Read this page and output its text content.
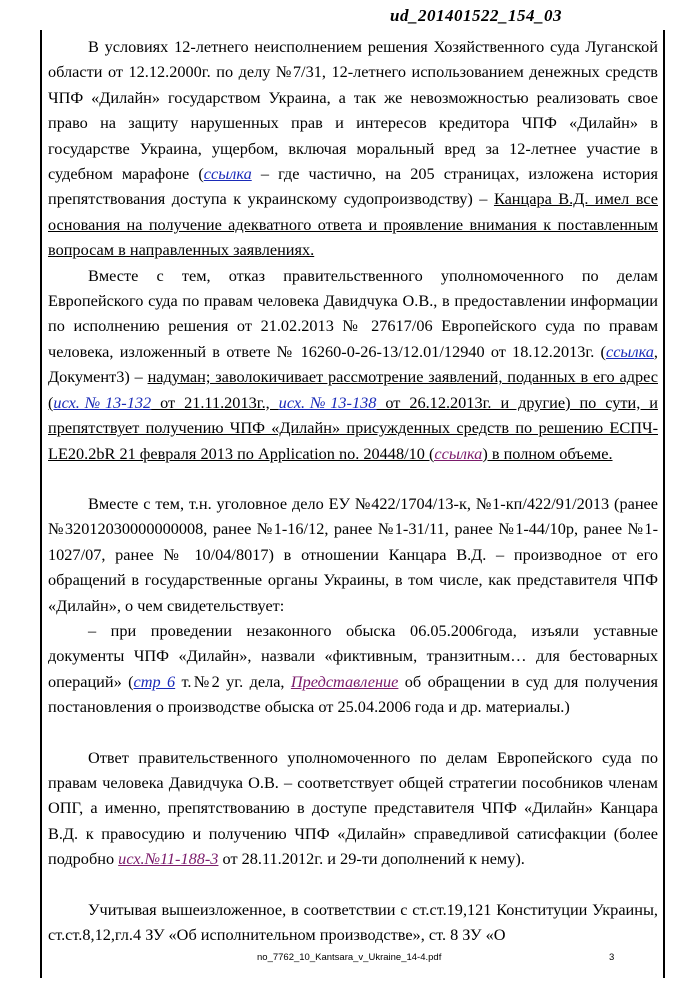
ud_201401522_154_03

В условиях 12-летнего неисполнением решения Хозяйственного суда Луганской области от 12.12.2000г. по делу №7/31, 12-летнего использованием денежных средств ЧПФ «Дилайн» государством Украина, а так же невозможностью реализовать свое право на защиту нарушенных прав и интересов кредитора ЧПФ «Дилайн» в государстве Украина, ущербом, включая моральный вред за 12-летнее участие в судебном марафоне (ссылка – где частично, на 205 страницах, изложена история препятствования доступа к украинскому судопроизводству) – Канцара В.Д. имел все основания на получение адекватного ответа и проявление внимания к поставленным вопросам в направленных заявлениях.

Вместе с тем, отказ правительственного уполномоченного по делам Европейского суда по правам человека Давидчука О.В., в предоставлении информации по исполнению решения от 21.02.2013 № 27617/06 Европейского суда по правам человека, изложенный в ответе № 16260-0-26-13/12.01/12940 от 18.12.2013г. (ссылка, Документ3) – надуман; заволокичивает рассмотрение заявлений, поданных в его адрес (исх.№13-132 от 21.11.2013г., исх.№13-138 от 26.12.2013г. и другие) по сути, и препятствует получению ЧПФ «Дилайн» присужденных средств по решению ЕСПЧ-LE20.2bR 21 февраля 2013 по Application no. 20448/10 (ссылка) в полном объеме.

Вместе с тем, т.н. уголовное дело ЕУ №422/1704/13-к, №1-кп/422/91/2013 (ранее №32012030000000008, ранее №1-16/12, ранее №1-31/11, ранее №1-44/10р, ранее №1-1027/07, ранее № 10/04/8017) в отношении Канцара В.Д. – производное от его обращений в государственные органы Украины, в том числе, как представителя ЧПФ «Дилайн», о чем свидетельствует:

– при проведении незаконного обыска 06.05.2006года, изъяли уставные документы ЧПФ «Дилайн», назвали «фиктивным, транзитным… для бестоварных операций» (стр 6 т.№2 уг. дела, Представление об обращении в суд для получения постановления о производстве обыска от 25.04.2006 года и др. материалы.)

Ответ правительственного уполномоченного по делам Европейского суда по правам человека Давидчука О.В. – соответствует общей стратегии пособников членам ОПГ, а именно, препятствованию в доступе представителя ЧПФ «Дилайн» Канцара В.Д. к правосудию и получению ЧПФ «Дилайн» справедливой сатисфакции (более подробно исх.№11-188-3 от 28.11.2012г. и 29-ти дополнений к нему).

Учитывая вышеизложенное, в соответствии с ст.ст.19,121 Конституции Украины, ст.ст.8,12,гл.4 ЗУ «Об исполнительном производстве», ст. 8 ЗУ «О

no_7762_10_Kantsara_v_Ukraine_14-4.pdf	3
